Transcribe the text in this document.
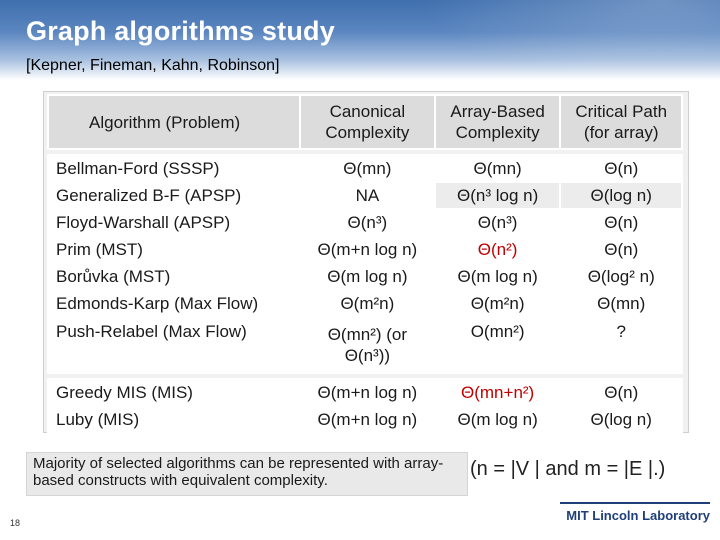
Graph algorithms study
[Kepner, Fineman, Kahn, Robinson]
Algorithm (Problem)	Canonical Complexity	Array-Based Complexity	Critical Path (for array)

Bellman-Ford (SSSP)	Θ(mn)	Θ(mn)	Θ(n)
Generalized B-F (APSP)	NA	Θ(n³ log n)	Θ(log n)
Floyd-Warshall (APSP)	Θ(n³)	Θ(n³)	Θ(n)
Prim (MST)	Θ(m+n log n)	Θ(n²)	Θ(n)
Borůvka (MST)	Θ(m log n)	Θ(m log n)	Θ(log² n)
Edmonds-Karp (Max Flow)	Θ(m²n)	Θ(m²n)	Θ(mn)
Push-Relabel (Max Flow)	Θ(mn²) (or Θ(n³))	O(mn²)	?

Greedy MIS (MIS)	Θ(m+n log n)	Θ(mn+n²)	Θ(n)
Luby (MIS)	Θ(m+n log n)	Θ(m log n)	Θ(log n)
Majority of selected algorithms can be represented with array-based constructs with equivalent complexity.
(n = |V | and m = |E |.)
18	MIT Lincoln Laboratory
